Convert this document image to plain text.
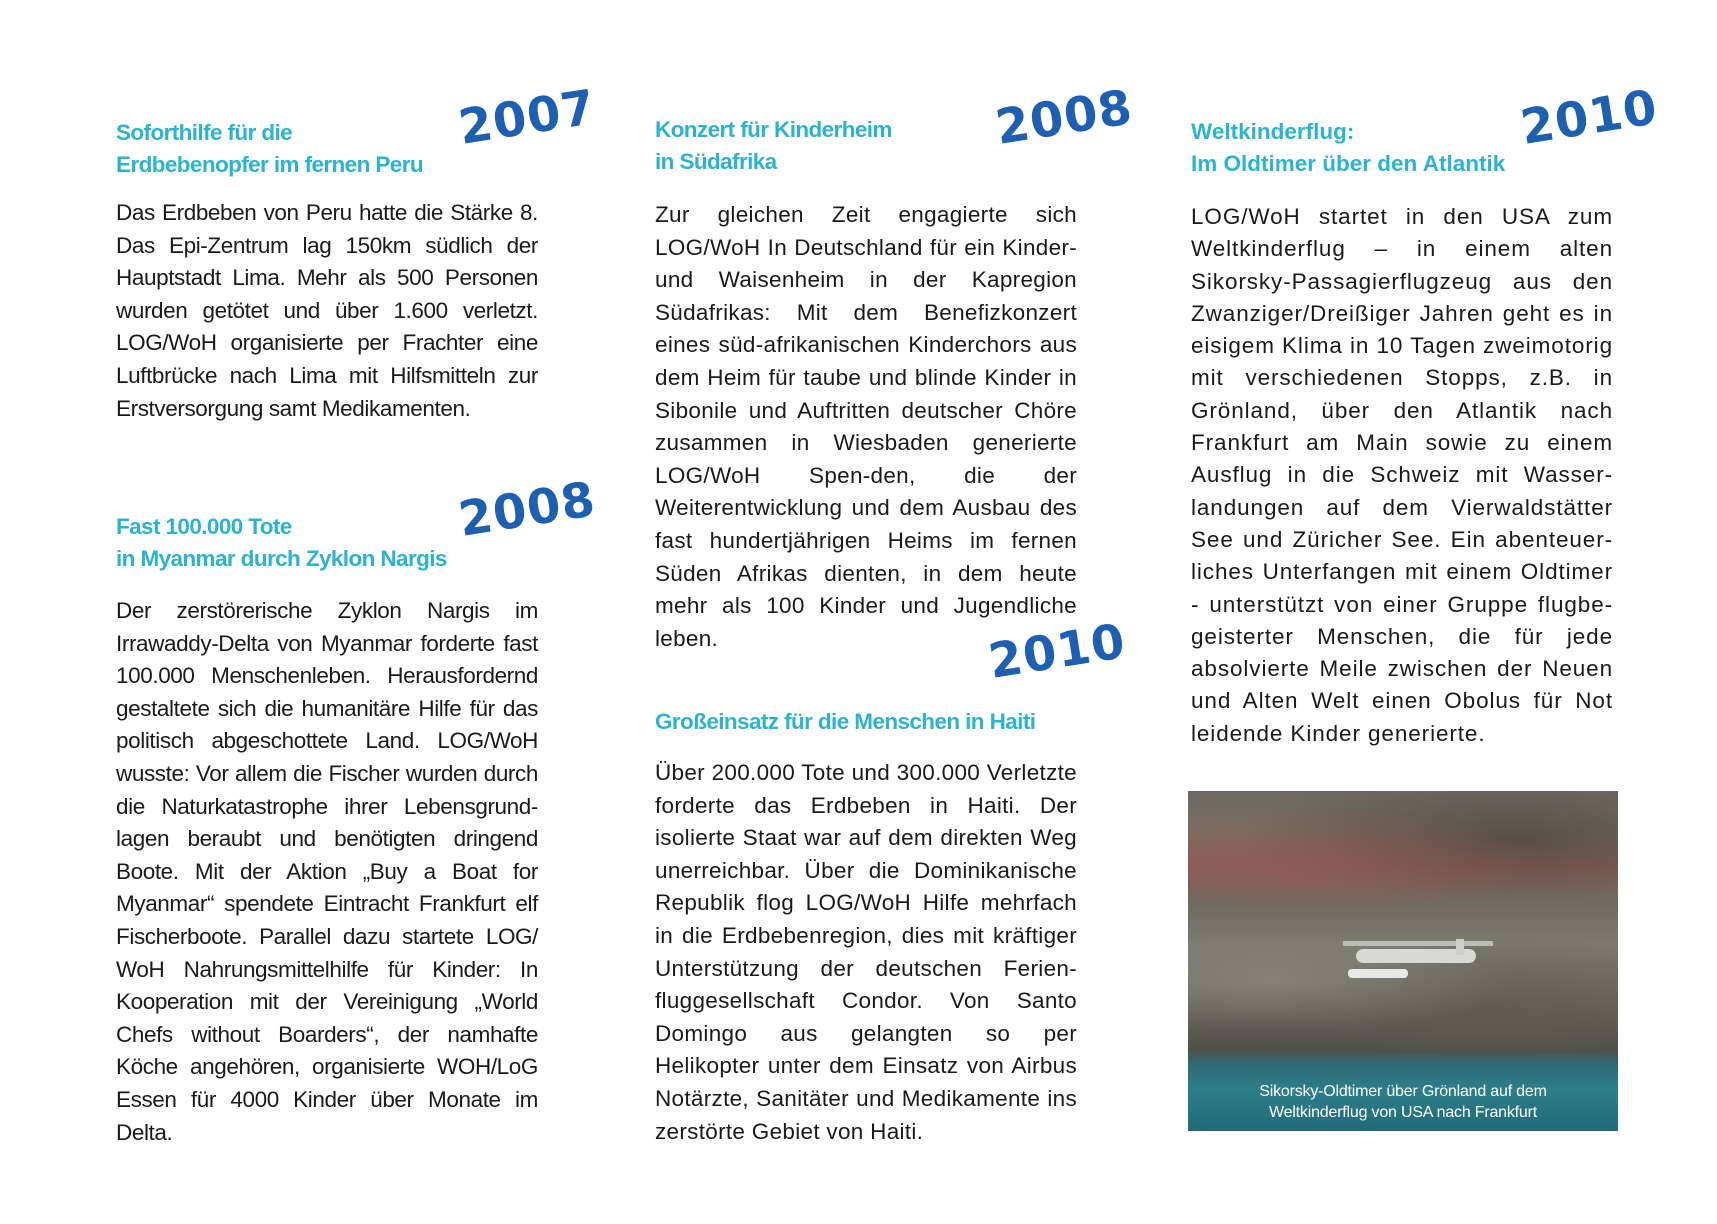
2007

Soforthilfe für die
Erdbebenopfer im fernen Peru

Das Erdbeben von Peru hatte die Stärke 8. Das Epi-Zentrum lag 150km südlich der Hauptstadt Lima. Mehr als 500 Personen wurden getötet und über 1.600 verletzt. LOG/WoH organisierte per Frachter eine Luftbrücke nach Lima mit Hilfsmitteln zur Erstversorgung samt Medikamenten.

2008

Fast 100.000 Tote
in Myanmar durch Zyklon Nargis

Der zerstörerische Zyklon Nargis im Irrawaddy-Delta von Myanmar forderte fast 100.000 Menschenleben. Herausfordernd gestaltete sich die humanitäre Hilfe für das politisch abgeschottete Land. LOG/WoH wusste: Vor allem die Fischer wurden durch die Naturkatastrophe ihrer Lebensgrund-lagen beraubt und benötigten dringend Boote. Mit der Aktion „Buy a Boat for Myanmar“ spendete Eintracht Frankfurt elf Fischerboote. Parallel dazu startete LOG/ WoH Nahrungsmittelhilfe für Kinder: In Kooperation mit der Vereinigung „World Chefs without Boarders“, der namhafte Köche angehören, organisierte WOH/LoG Essen für 4000 Kinder über Monate im Delta.

2008

Konzert für Kinderheim
in Südafrika

Zur gleichen Zeit engagierte sich LOG/WoH In Deutschland für ein Kinder- und Waisenheim in der Kapregion Südafrikas: Mit dem Benefizkonzert eines süd-afrikanischen Kinderchors aus dem Heim für taube und blinde Kinder in Sibonile und Auftritten deutscher Chöre zusammen in Wiesbaden generierte LOG/WoH Spen-den, die der Weiterentwicklung und dem Ausbau des fast hundertjährigen Heims im fernen Süden Afrikas dienten, in dem heute mehr als 100 Kinder und Jugendliche leben.	2010

Großeinsatz für die Menschen in Haiti

Über 200.000 Tote und 300.000 Verletzte forderte das Erdbeben in Haiti. Der isolierte Staat war auf dem direkten Weg unerreichbar. Über die Dominikanische Republik flog LOG/WoH Hilfe mehrfach in die Erdbebenregion, dies mit kräftiger Unterstützung der deutschen Ferien-fluggesellschaft Condor. Von Santo Domingo aus gelangten so per Helikopter unter dem Einsatz von Airbus Notärzte, Sanitäter und Medikamente ins zerstörte Gebiet von Haiti.

2010

Weltkinderflug:
Im Oldtimer über den Atlantik

LOG/WoH startet in den USA zum Weltkinderflug – in einem alten Sikorsky-Passagierflugzeug aus den Zwanziger/Dreißiger Jahren geht es in eisigem Klima in 10 Tagen zweimotorig mit verschiedenen Stopps, z.B. in Grönland, über den Atlantik nach Frankfurt am Main sowie zu einem Ausflug in die Schweiz mit Wasser-landungen auf dem Vierwaldstätter See und Züricher See. Ein abenteuer-liches Unterfangen mit einem Oldtimer - unterstützt von einer Gruppe flugbe-geisterter Menschen, die für jede absolvierte Meile zwischen der Neuen und Alten Welt einen Obolus für Not leidende Kinder generierte.

Sikorsky-Oldtimer über Grönland auf dem
Weltkinderflug von USA nach Frankfurt
